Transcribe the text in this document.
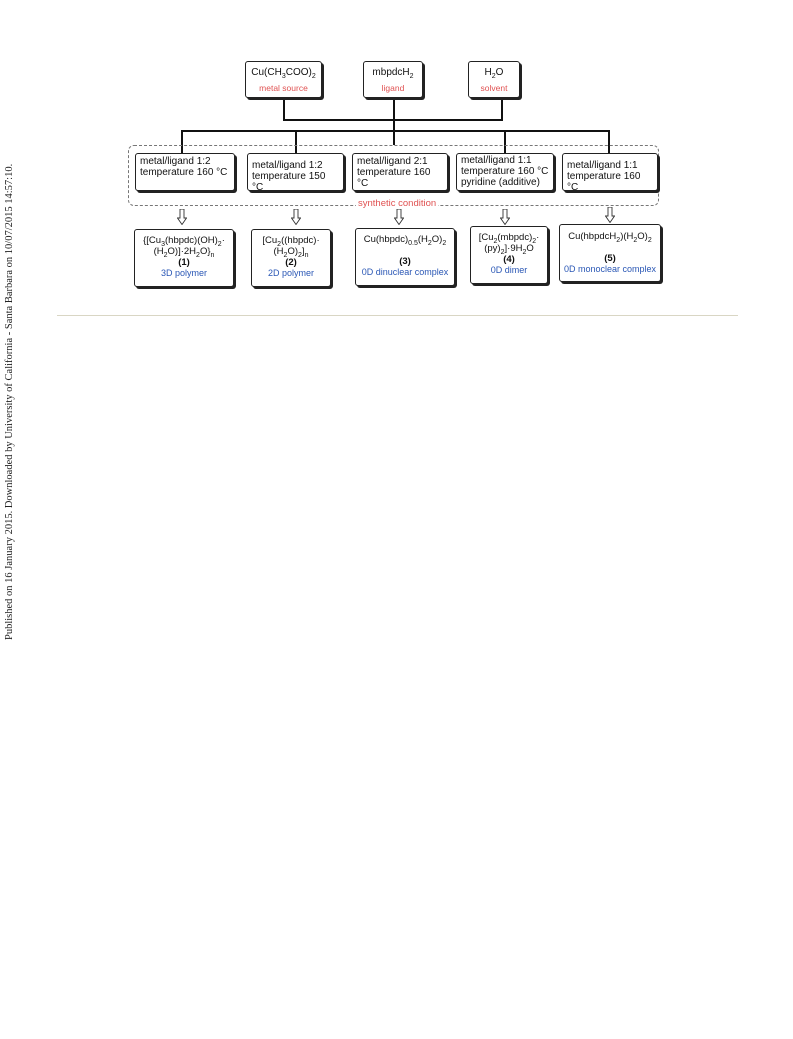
Published on 16 January 2015. Downloaded by University of California - Santa Barbara on 10/07/2015 14:57:10.
$Cu(CH_3COO)_2$
metal source
mbpdcH$_2$
ligand
$H_2O$
solvent
synthetic condition
metal/ligand 1:2
temperature 160 °C
metal/ligand 1:2
temperature 150 °C
metal/ligand 2:1
temperature 160 °C
metal/ligand 1:1
temperature 160 °C
pyridine (additive)
metal/ligand 1:1
temperature 160 °C
{[$Cu_3(hbpdc)(OH)_2\cdot$
$(H_2O)]\cdot 2H_2O\}_n$
(1)
3D polymer
[$Cu_2((hbpdc)\cdot$
$(H_2O)_2]_n$
(2)
2D polymer
$Cu(hbpdc)_{0.5}(H_2O)_2$
(3)
0D dinuclear complex
[$Cu_2(mbpdc)_2\cdot$
$(py)_2]\cdot 9H_2O$
(4)
0D dimer
$Cu(hbpdcH_2)(H_2O)_2$
(5)
0D monoclear complex
